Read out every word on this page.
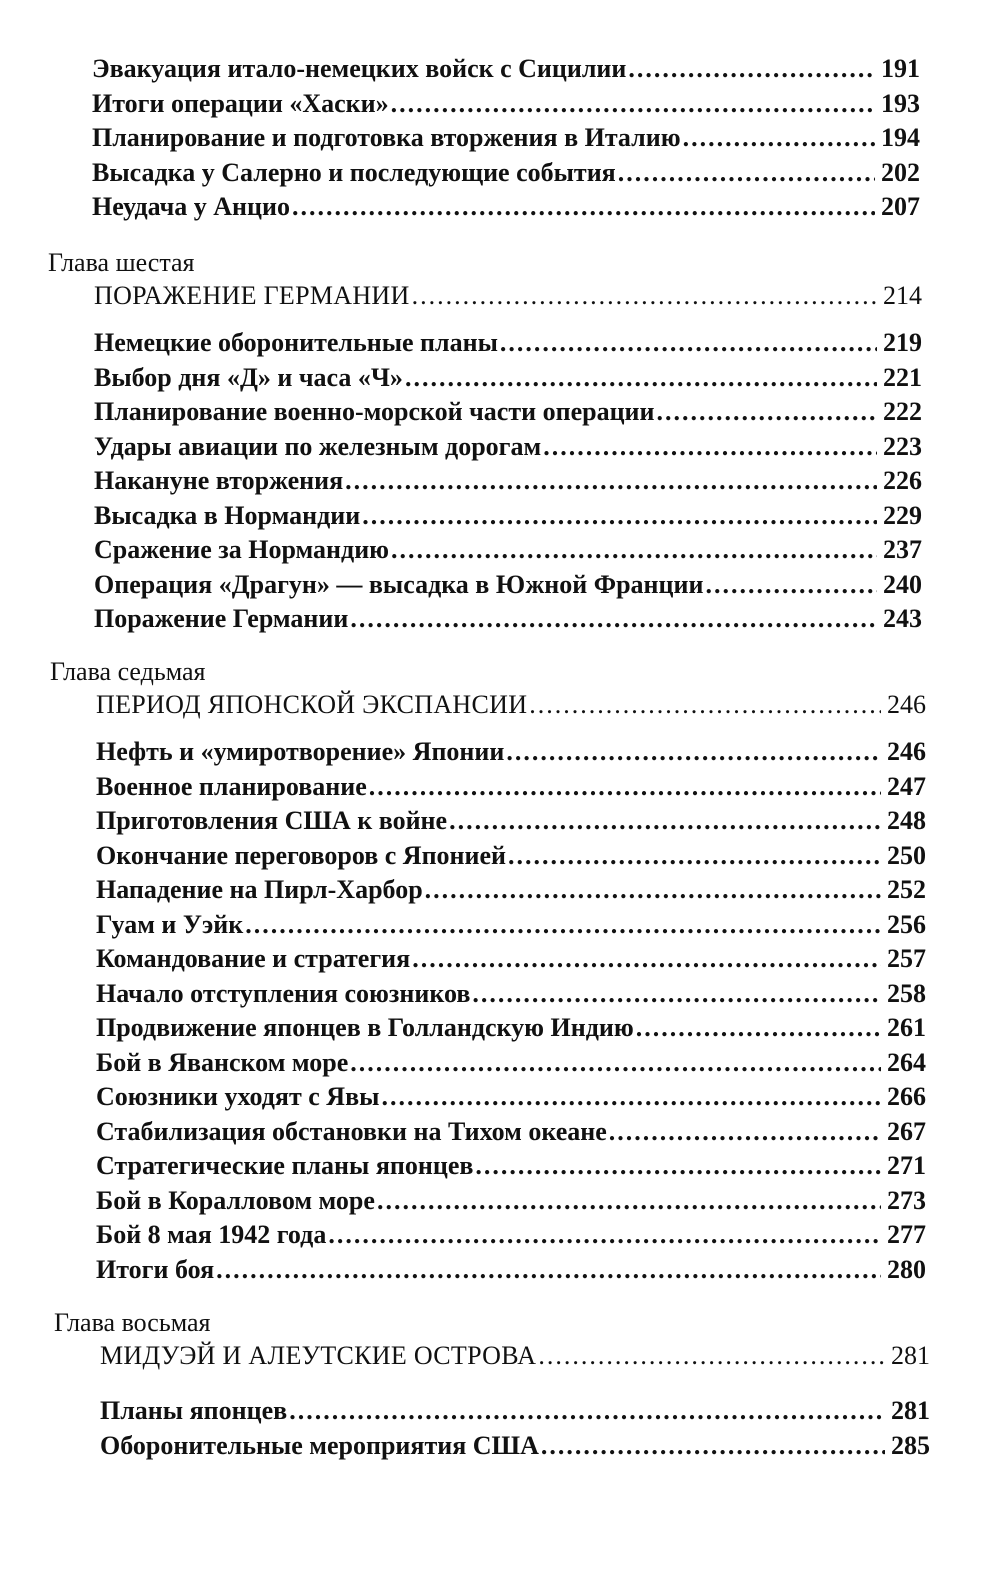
Эвакуация итало-немецких войск с Сицилии .....	191
Итоги операции «Хаски» .....	193
Планирование и подготовка вторжения в Италию .....	194
Высадка у Салерно и последующие события .....	202
Неудача у Анцио .....	207
Глава шестая
ПОРАЖЕНИЕ ГЕРМАНИИ .....	214
Немецкие оборонительные планы .....	219
Выбор дня «Д» и часа «Ч» .....	221
Планирование военно-морской части операции .....	222
Удары авиации по железным дорогам .....	223
Накануне вторжения .....	226
Высадка в Нормандии .....	229
Сражение за Нормандию .....	237
Операция «Драгун» — высадка в Южной Франции .....	240
Поражение Германии .....	243
Глава седьмая
ПЕРИОД ЯПОНСКОЙ ЭКСПАНСИИ .....	246
Нефть и «умиротворение» Японии .....	246
Военное планирование .....	247
Приготовления США к войне .....	248
Окончание переговоров с Японией .....	250
Нападение на Пирл-Харбор .....	252
Гуам и Уэйк .....	256
Командование и стратегия .....	257
Начало отступления союзников .....	258
Продвижение японцев в Голландскую Индию .....	261
Бой в Яванском море .....	264
Союзники уходят с Явы .....	266
Стабилизация обстановки на Тихом океане .....	267
Стратегические планы японцев .....	271
Бой в Коралловом море .....	273
Бой 8 мая 1942 года .....	277
Итоги боя .....	280
Глава восьмая
МИДУЭЙ И АЛЕУТСКИЕ ОСТРОВА .....	281
Планы японцев .....	281
Оборонительные мероприятия США .....	285
